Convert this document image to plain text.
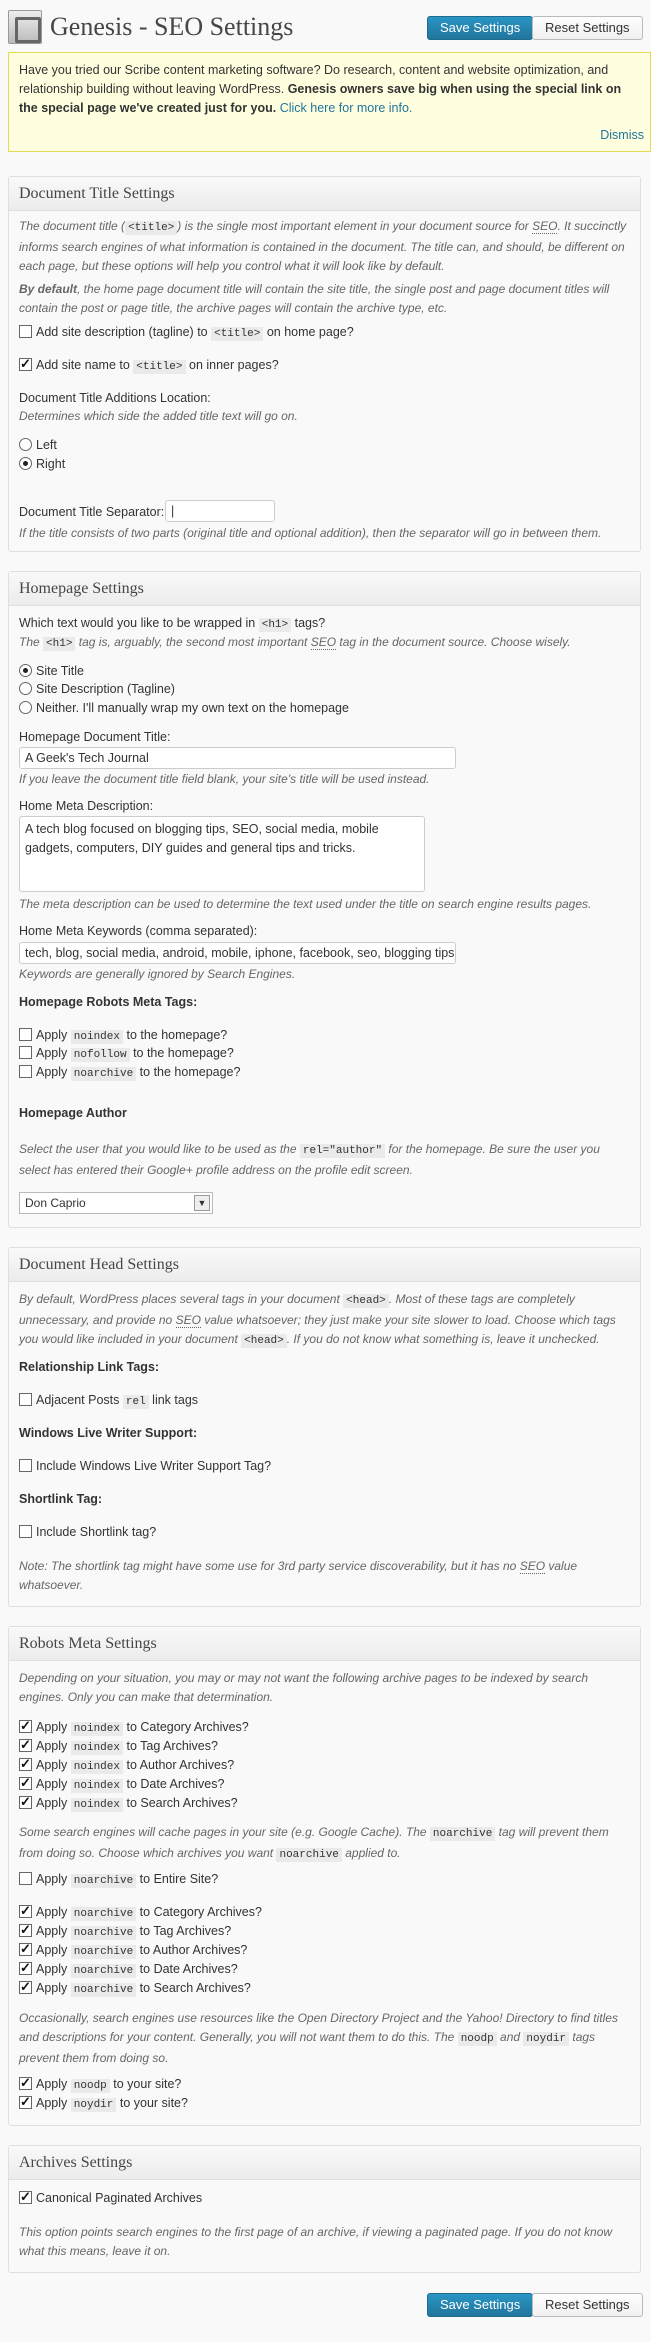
Genesis - SEO Settings	Save Settings	Reset Settings
Have you tried our Scribe content marketing software? Do research, content and website optimization, and relationship building without leaving WordPress. Genesis owners save big when using the special link on the special page we've created just for you. Click here for more info.
Dismiss
Document Title Settings
The document title ( <title> ) is the single most important element in your document source for SEO. It succinctly informs search engines of what information is contained in the document. The title can, and should, be different on each page, but these options will help you control what it will look like by default.
By default, the home page document title will contain the site title, the single post and page document titles will contain the post or page title, the archive pages will contain the archive type, etc.
Add site description (tagline) to <title> on home page?
✓Add site name to <title> on inner pages?
Document Title Additions Location:
Determines which side the added title text will go on.
Left
Right
Document Title Separator: |
If the title consists of two parts (original title and optional addition), then the separator will go in between them.
Homepage Settings
Which text would you like to be wrapped in <h1> tags?
The <h1> tag is, arguably, the second most important SEO tag in the document source. Choose wisely.
Site Title
Site Description (Tagline)
Neither. I'll manually wrap my own text on the homepage
Homepage Document Title:
A Geek's Tech Journal
If you leave the document title field blank, your site's title will be used instead.
Home Meta Description:
A tech blog focused on blogging tips, SEO, social media, mobile gadgets, computers, DIY guides and general tips and tricks.
The meta description can be used to determine the text used under the title on search engine results pages.
Home Meta Keywords (comma separated):
tech, blog, social media, android, mobile, iphone, facebook, seo, blogging tips
Keywords are generally ignored by Search Engines.
Homepage Robots Meta Tags:
Apply noindex to the homepage?
Apply nofollow to the homepage?
Apply noarchive to the homepage?
Homepage Author
Select the user that you would like to be used as the rel="author" for the homepage. Be sure the user you select has entered their Google+ profile address on the profile edit screen.
Don Caprio	▼
Document Head Settings
By default, WordPress places several tags in your document <head> . Most of these tags are completely unnecessary, and provide no SEO value whatsoever; they just make your site slower to load. Choose which tags you would like included in your document <head> . If you do not know what something is, leave it unchecked.
Relationship Link Tags:
Adjacent Posts rel link tags
Windows Live Writer Support:
Include Windows Live Writer Support Tag?
Shortlink Tag:
Include Shortlink tag?
Note: The shortlink tag might have some use for 3rd party service discoverability, but it has no SEO value whatsoever.
Robots Meta Settings
Depending on your situation, you may or may not want the following archive pages to be indexed by search engines. Only you can make that determination.
✓Apply noindex to Category Archives?
✓Apply noindex to Tag Archives?
✓Apply noindex to Author Archives?
✓Apply noindex to Date Archives?
✓Apply noindex to Search Archives?
Some search engines will cache pages in your site (e.g. Google Cache). The noarchive tag will prevent them from doing so. Choose which archives you want noarchive applied to.
Apply noarchive to Entire Site?
✓Apply noarchive to Category Archives?
✓Apply noarchive to Tag Archives?
✓Apply noarchive to Author Archives?
✓Apply noarchive to Date Archives?
✓Apply noarchive to Search Archives?
Occasionally, search engines use resources like the Open Directory Project and the Yahoo! Directory to find titles and descriptions for your content. Generally, you will not want them to do this. The noodp and noydir tags prevent them from doing so.
✓Apply noodp to your site?
✓Apply noydir to your site?
Archives Settings
✓Canonical Paginated Archives
This option points search engines to the first page of an archive, if viewing a paginated page. If you do not know what this means, leave it on.
Save Settings	Reset Settings
